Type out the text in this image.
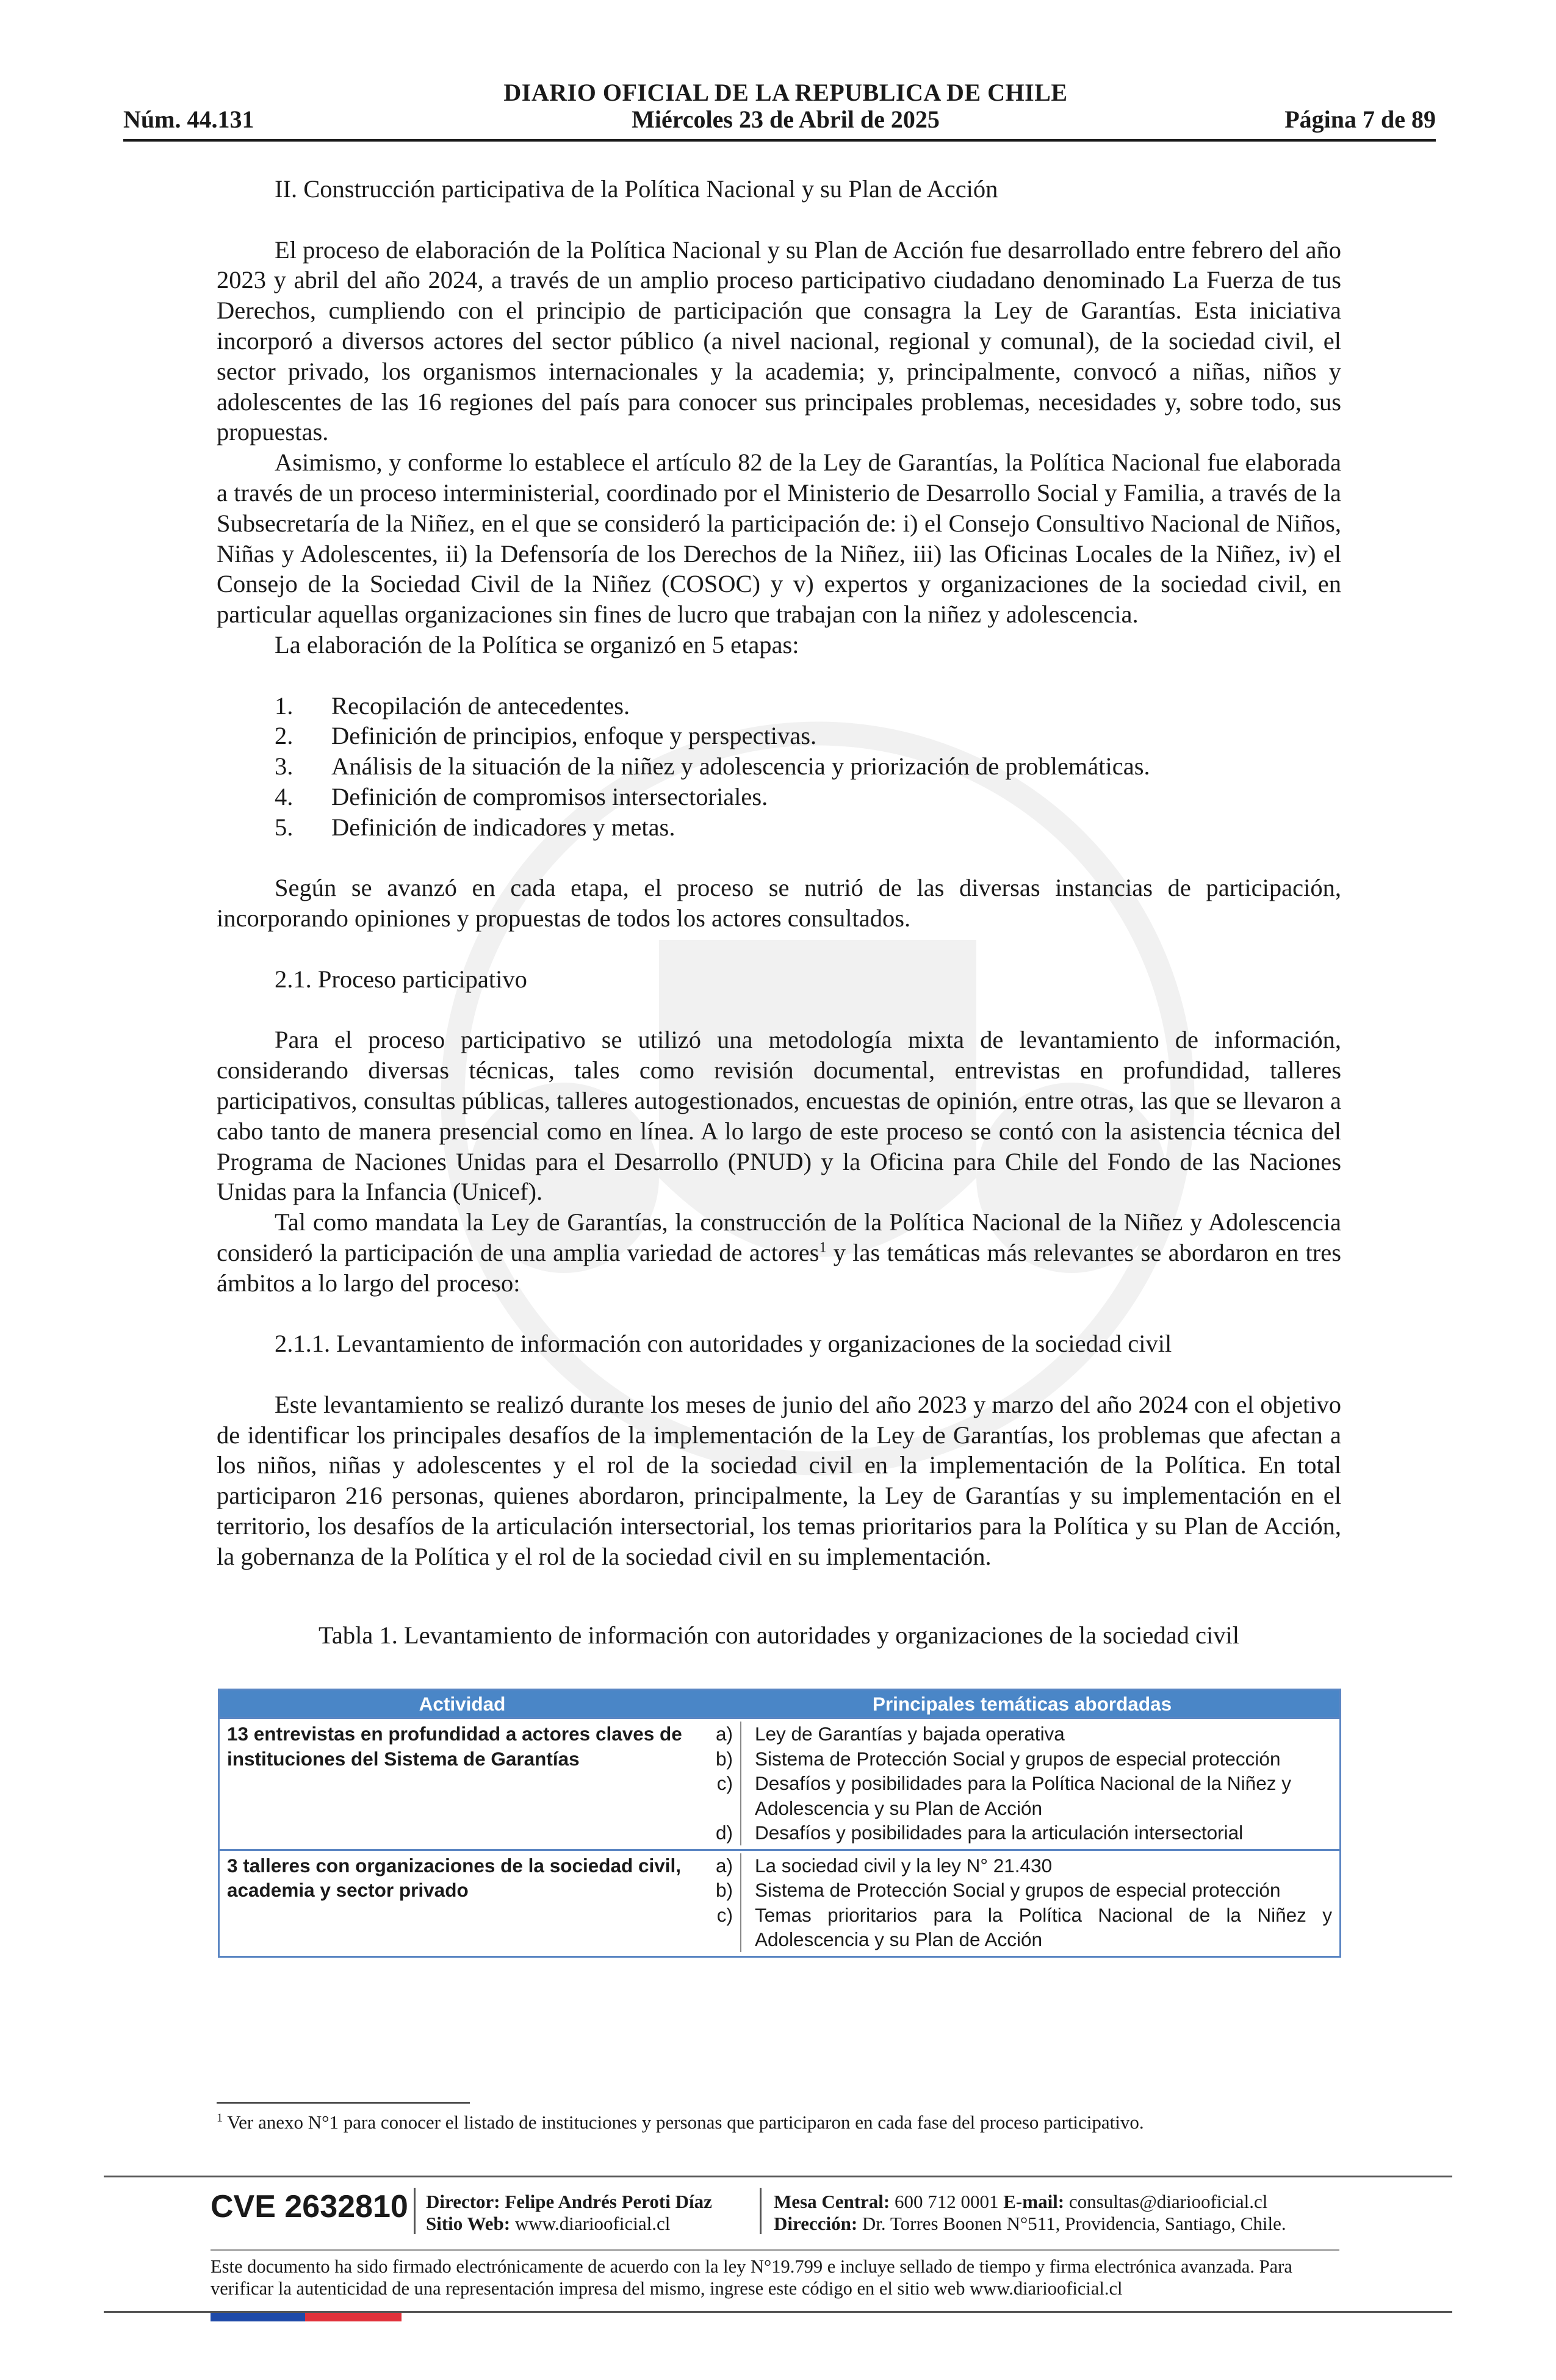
DIARIO OFICIAL DE LA REPUBLICA DE CHILE
Núm. 44.131	Miércoles 23 de Abril de 2025	Página 7 de 89

II. Construcción participativa de la Política Nacional y su Plan de Acción

El proceso de elaboración de la Política Nacional y su Plan de Acción fue desarrollado entre febrero del año 2023 y abril del año 2024, a través de un amplio proceso participativo ciudadano denominado La Fuerza de tus Derechos, cumpliendo con el principio de participación que consagra la Ley de Garantías. Esta iniciativa incorporó a diversos actores del sector público (a nivel nacional, regional y comunal), de la sociedad civil, el sector privado, los organismos internacionales y la academia; y, principalmente, convocó a niñas, niños y adolescentes de las 16 regiones del país para conocer sus principales problemas, necesidades y, sobre todo, sus propuestas.

Asimismo, y conforme lo establece el artículo 82 de la Ley de Garantías, la Política Nacional fue elaborada a través de un proceso interministerial, coordinado por el Ministerio de Desarrollo Social y Familia, a través de la Subsecretaría de la Niñez, en el que se consideró la participación de: i) el Consejo Consultivo Nacional de Niños, Niñas y Adolescentes, ii) la Defensoría de los Derechos de la Niñez, iii) las Oficinas Locales de la Niñez, iv) el Consejo de la Sociedad Civil de la Niñez (COSOC) y v) expertos y organizaciones de la sociedad civil, en particular aquellas organizaciones sin fines de lucro que trabajan con la niñez y adolescencia.

La elaboración de la Política se organizó en 5 etapas:

1.	Recopilación de antecedentes.
2.	Definición de principios, enfoque y perspectivas.
3.	Análisis de la situación de la niñez y adolescencia y priorización de problemáticas.
4.	Definición de compromisos intersectoriales.
5.	Definición de indicadores y metas.

Según se avanzó en cada etapa, el proceso se nutrió de las diversas instancias de participación, incorporando opiniones y propuestas de todos los actores consultados.

2.1. Proceso participativo

Para el proceso participativo se utilizó una metodología mixta de levantamiento de información, considerando diversas técnicas, tales como revisión documental, entrevistas en profundidad, talleres participativos, consultas públicas, talleres autogestionados, encuestas de opinión, entre otras, las que se llevaron a cabo tanto de manera presencial como en línea. A lo largo de este proceso se contó con la asistencia técnica del Programa de Naciones Unidas para el Desarrollo (PNUD) y la Oficina para Chile del Fondo de las Naciones Unidas para la Infancia (Unicef).

Tal como mandata la Ley de Garantías, la construcción de la Política Nacional de la Niñez y Adolescencia consideró la participación de una amplia variedad de actores$^1$ y las temáticas más relevantes se abordaron en tres ámbitos a lo largo del proceso:

2.1.1. Levantamiento de información con autoridades y organizaciones de la sociedad civil

Este levantamiento se realizó durante los meses de junio del año 2023 y marzo del año 2024 con el objetivo de identificar los principales desafíos de la implementación de la Ley de Garantías, los problemas que afectan a los niños, niñas y adolescentes y el rol de la sociedad civil en la implementación de la Política. En total participaron 216 personas, quienes abordaron, principalmente, la Ley de Garantías y su implementación en el territorio, los desafíos de la articulación intersectorial, los temas prioritarios para la Política y su Plan de Acción, la gobernanza de la Política y el rol de la sociedad civil en su implementación.

Tabla 1. Levantamiento de información con autoridades y organizaciones de la sociedad civil
Actividad	Principales temáticas abordadas
13 entrevistas en profundidad a actores claves de instituciones del Sistema de Garantías
a)	Ley de Garantías y bajada operativa
b)	Sistema de Protección Social y grupos de especial protección
c)	Desafíos y posibilidades para la Política Nacional de la Niñez y Adolescencia y su Plan de Acción
d)	Desafíos y posibilidades para la articulación intersectorial
3 talleres con organizaciones de la sociedad civil, academia y sector privado
a)	La sociedad civil y la ley N° 21.430
b)	Sistema de Protección Social y grupos de especial protección
c)	Temas prioritarios para la Política Nacional de la Niñez y Adolescencia y su Plan de Acción
$^1$ Ver anexo N°1 para conocer el listado de instituciones y personas que participaron en cada fase del proceso participativo.
CVE 2632810 Director: Felipe Andrés Peroti Díaz
Sitio Web: www.diariooficial.cl
Mesa Central: 600 712 0001 E-mail: consultas@diariooficial.cl
Dirección: Dr. Torres Boonen N°511, Providencia, Santiago, Chile.
Este documento ha sido firmado electrónicamente de acuerdo con la ley N°19.799 e incluye sellado de tiempo y firma electrónica avanzada. Para verificar la autenticidad de una representación impresa del mismo, ingrese este código en el sitio web www.diariooficial.cl
